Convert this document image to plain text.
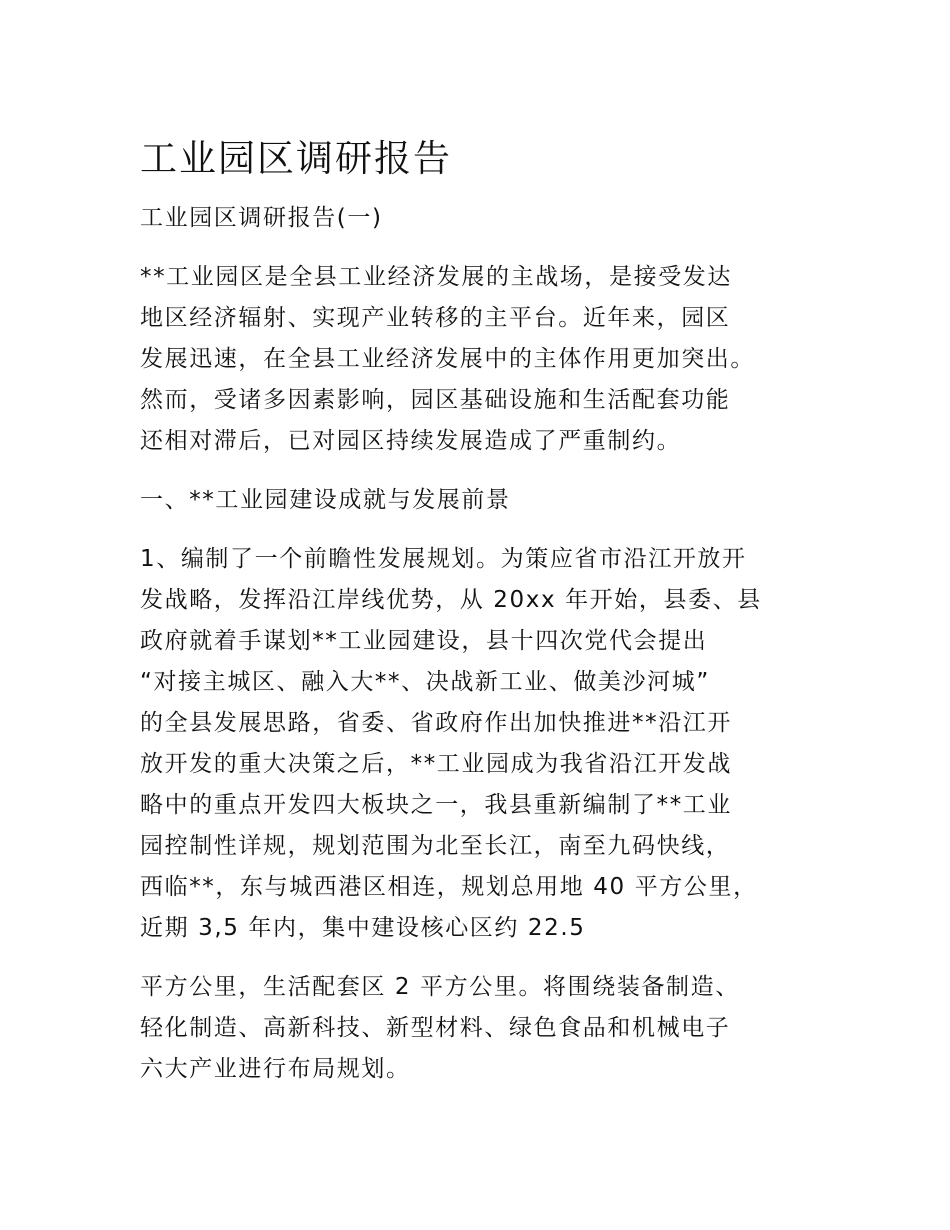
工业园区调研报告
工业园区调研报告(一)
**工业园区是全县工业经济发展的主战场，是接受发达
地区经济辐射、实现产业转移的主平台。近年来，园区
发展迅速，在全县工业经济发展中的主体作用更加突出。
然而，受诸多因素影响，园区基础设施和生活配套功能
还相对滞后，已对园区持续发展造成了严重制约。
一、**工业园建设成就与发展前景
1、编制了一个前瞻性发展规划。为策应省市沿江开放开
发战略，发挥沿江岸线优势，从 20xx 年开始，县委、县
政府就着手谋划**工业园建设，县十四次党代会提出
“对接主城区、融入大**、决战新工业、做美沙河城”
的全县发展思路，省委、省政府作出加快推进**沿江开
放开发的重大决策之后，**工业园成为我省沿江开发战
略中的重点开发四大板块之一，我县重新编制了**工业
园控制性详规，规划范围为北至长江，南至九码快线，
西临**，东与城西港区相连，规划总用地 40 平方公里，
近期 3,5 年内，集中建设核心区约 22.5
平方公里，生活配套区 2 平方公里。将围绕装备制造、
轻化制造、高新科技、新型材料、绿色食品和机械电子
六大产业进行布局规划。
